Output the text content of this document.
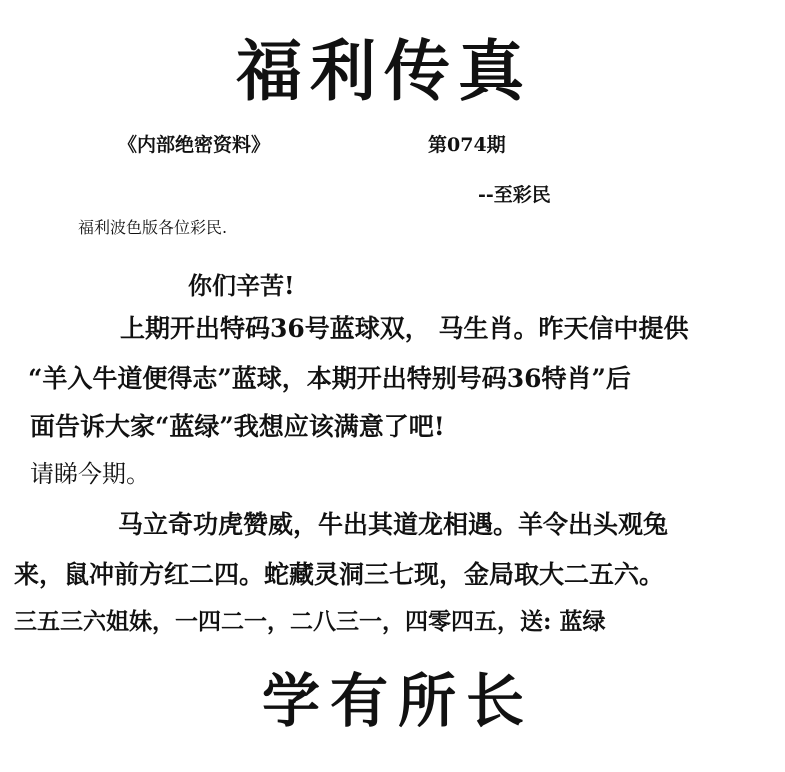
福利传真
《内部绝密资料》	第074期
--至彩民
福利波色版各位彩民.
你们辛苦!
上期开出特码36号蓝球双， 马生肖。昨天信中提供
“羊入牛道便得志”蓝球，本期开出特别号码36特肖”后
面告诉大家“蓝绿”我想应该满意了吧!
请睇今期。
马立奇功虎赞威，牛出其道龙相遇。羊令出头观兔
来，鼠冲前方红二四。蛇藏灵洞三七现，金局取大二五六。
三五三六姐妹，一四二一，二八三一，四零四五，送: 蓝绿
学有所长
